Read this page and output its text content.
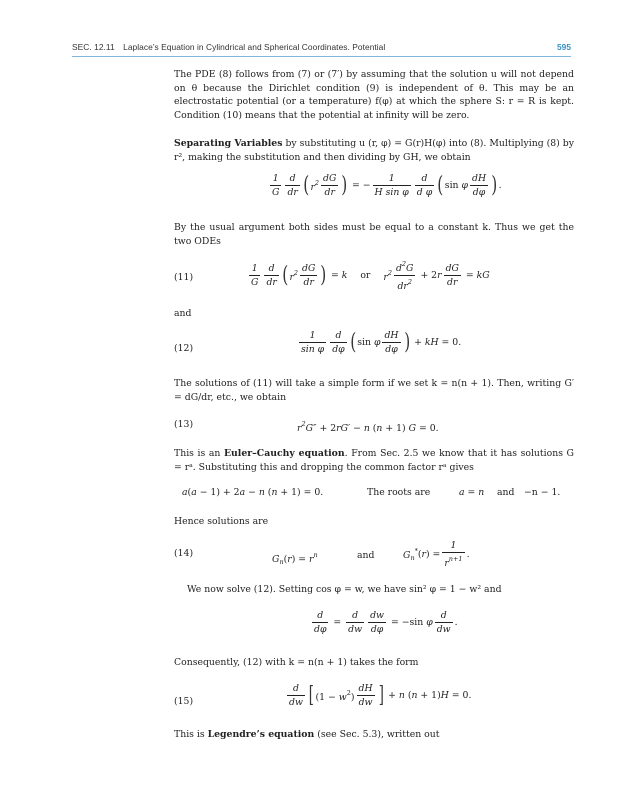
SEC. 12.11 Laplace’s Equation in Cylindrical and Spherical Coordinates. Potential	595

The PDE (8) follows from (7) or (7′) by assuming that the solution u will not depend on θ because the Dirichlet condition (9) is independent of θ. This may be an electrostatic potential (or a temperature) f(φ) at which the sphere S: r = R is kept. Condition (10) means that the potential at infinity will be zero.

Separating Variables by substituting u (r, φ) = G(r)H(φ) into (8). Multiplying (8) by r², making the substitution and then dividing by GH, we obtain

$\frac{1}{G} \frac{d}{dr}$ ( $r^2 \frac{dG}{dr}$ ) = − $\frac{1}{\text{H sin φ}} \frac{d}{\text{d φ}}$ ( sin φ $\frac{dH}{d\varphi}$ ) .

By the usual argument both sides must be equal to a constant k. Thus we get the two ODEs

(11)	$\frac{1}{G} \frac{d}{dr}$ ( $r^2 \frac{dG}{dr}$ ) = k	or	$r^2 \frac{d^2G}{dr^2} + 2r \frac{dG}{dr}$ = kG
and
(12)	$\frac{1}{\text{sin φ}} \frac{d}{d\varphi}$ ( sin φ $\frac{dH}{d\varphi}$ ) + kH = 0.

The solutions of (11) will take a simple form if we set k = n(n + 1). Then, writing G′ = dG/dr, etc., we obtain

(13)	$r^2G'' + 2rG' - n$ (n + 1) G = 0.

This is an Euler–Cauchy equation. From Sec. 2.5 we know that it has solutions G = rᵃ. Substituting this and dropping the common factor rᵃ gives

a(a − 1) + 2a − n (n + 1) = 0.	The roots are	a = n and −n − 1.
Hence solutions are
(14)
$G_n(r) = r^n$	and	$G_n^*$ ( r ) = $\frac{1}{r^{n+1}}$ .

We now solve (12). Setting cos φ = w, we have sin² φ = 1 − w² and

$\frac{d}{d\varphi} = \frac{d}{dw} \frac{dw}{d\varphi} = -\sin$ φ $\frac{d}{dw}$ .

Consequently, (12) with k = n(n + 1) takes the form

(15)	$\frac{d}{dw}$ [ $(1 - w^2) \frac{dH}{dw}$ ] + n (n + 1)H = 0.

This is Legendre’s equation (see Sec. 5.3), written out
